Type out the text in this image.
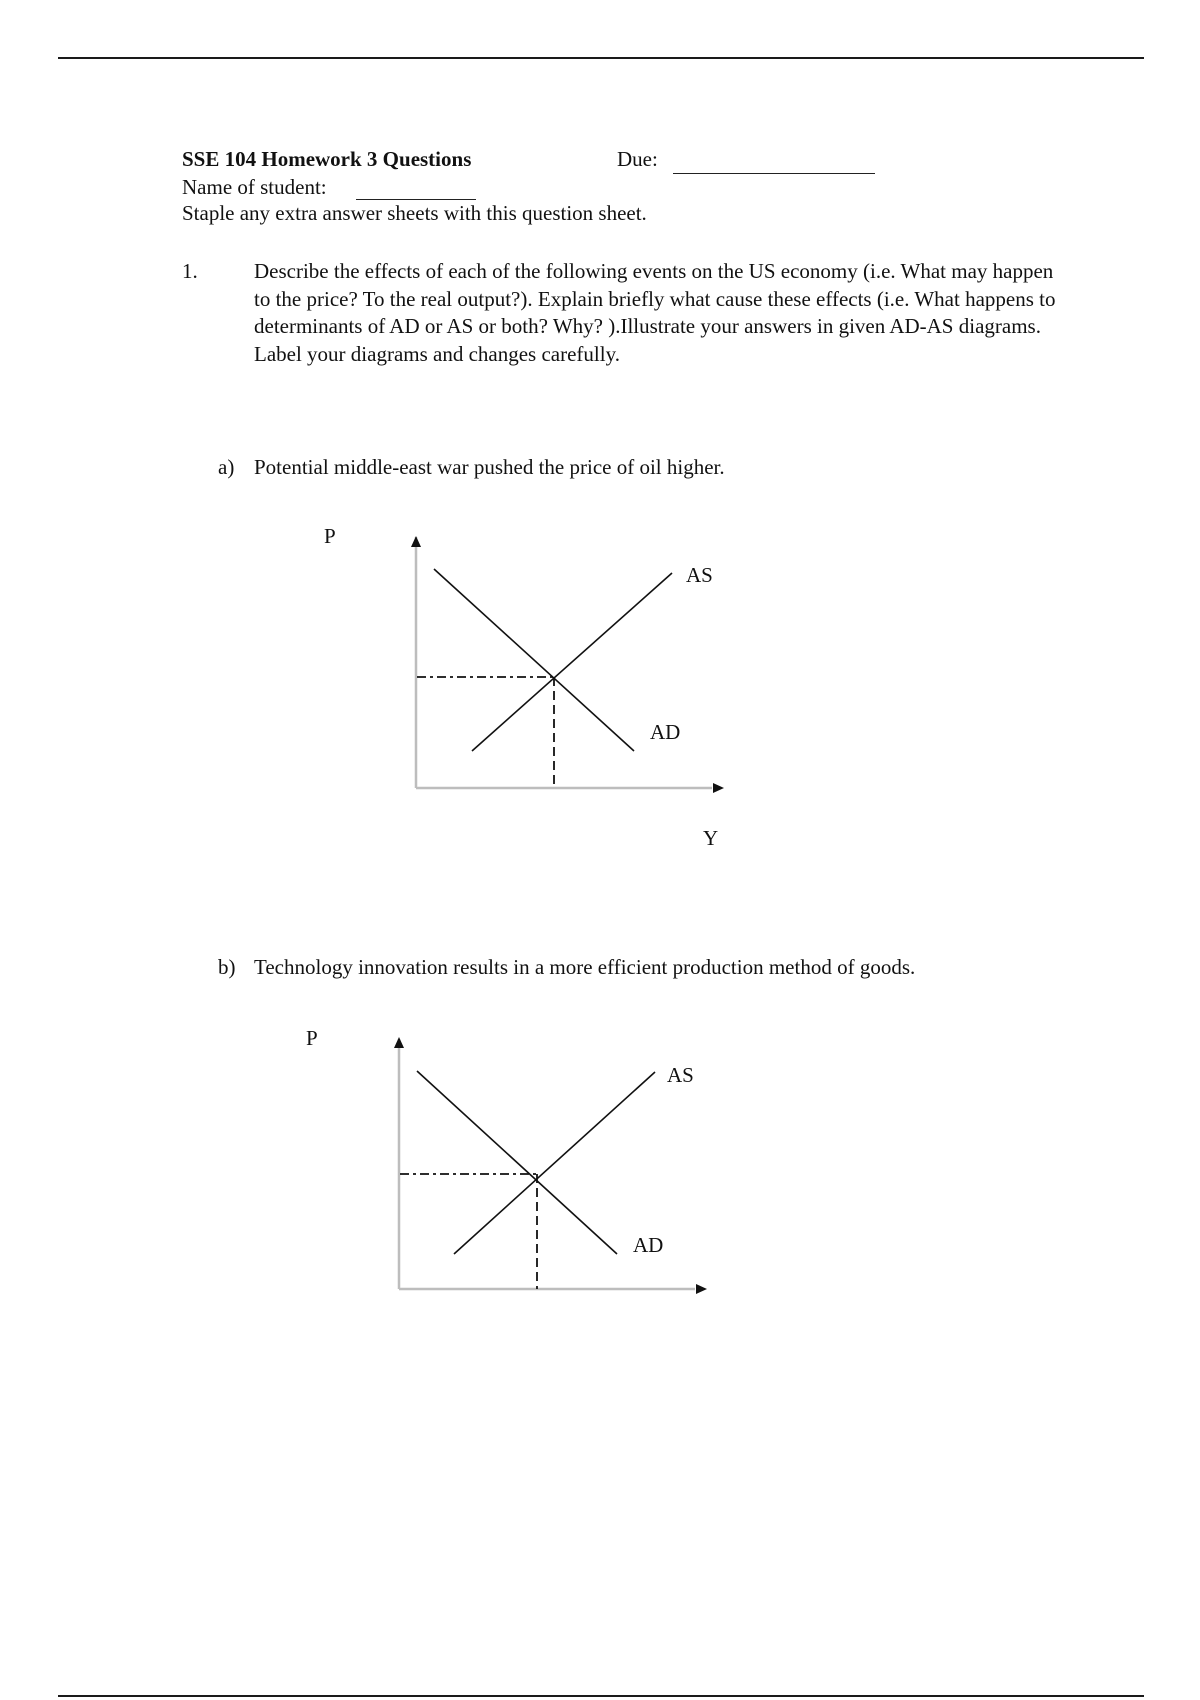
SSE 104 Homework 3 Questions	Due:
Name of student:
Staple any extra answer sheets with this question sheet.
1.	Describe the effects of each of the following events on the US economy (i.e. What may happen to the price? To the real output?). Explain briefly what cause these effects (i.e. What happens to determinants of AD or AS or both? Why? ).Illustrate your answers in given AD-AS diagrams. Label your diagrams and changes carefully.
a) Potential middle-east war pushed the price of oil higher.
P
AS
AD
Y
b) Technology innovation results in a more efficient production method of goods.
P
AS
AD
